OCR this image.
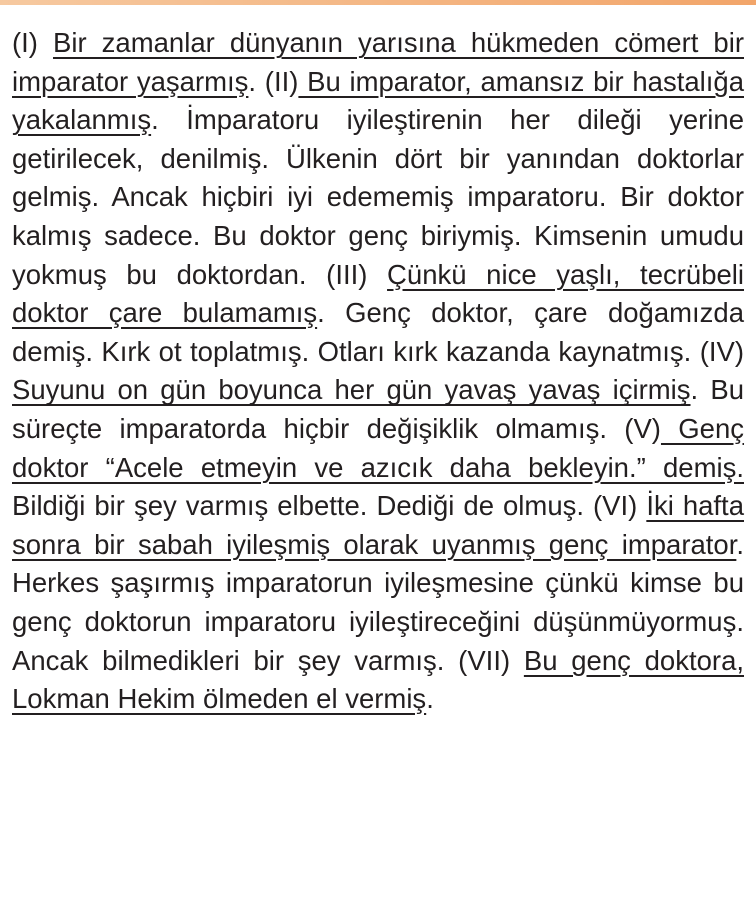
(I) Bir zamanlar dünyanın yarısına hükmeden cömert bir imparator yaşarmış. (II) Bu imparator, amansız bir hastalığa yakalanmış. İmparatoru iyileştirenin her dileği yerine getirilecek, denilmiş. Ülkenin dört bir yanından doktorlar gelmiş. Ancak hiçbiri iyi edememiş imparatoru. Bir doktor kalmış sadece. Bu doktor genç biriymiş. Kimsenin umudu yokmuş bu doktordan. (III) Çünkü nice yaşlı, tecrübeli doktor çare bulamamış. Genç doktor, çare doğamızda demiş. Kırk ot toplatmış. Otları kırk kazanda kaynatmış. (IV) Suyunu on gün boyunca her gün yavaş yavaş içirmiş. Bu süreçte imparatorda hiçbir değişiklik olmamış. (V) Genç doktor “Acele etmeyin ve azıcık daha bekleyin.” demiş. Bildiği bir şey varmış elbette. Dediği de olmuş. (VI) İki hafta sonra bir sabah iyileşmiş olarak uyanmış genç imparator. Herkes şaşırmış imparatorun iyileşmesine çünkü kimse bu genç doktorun imparatoru iyileştireceğini düşünmüyormuş. Ancak bilmedikleri bir şey varmış. (VII) Bu genç doktora, Lokman Hekim ölmeden el vermiş.
